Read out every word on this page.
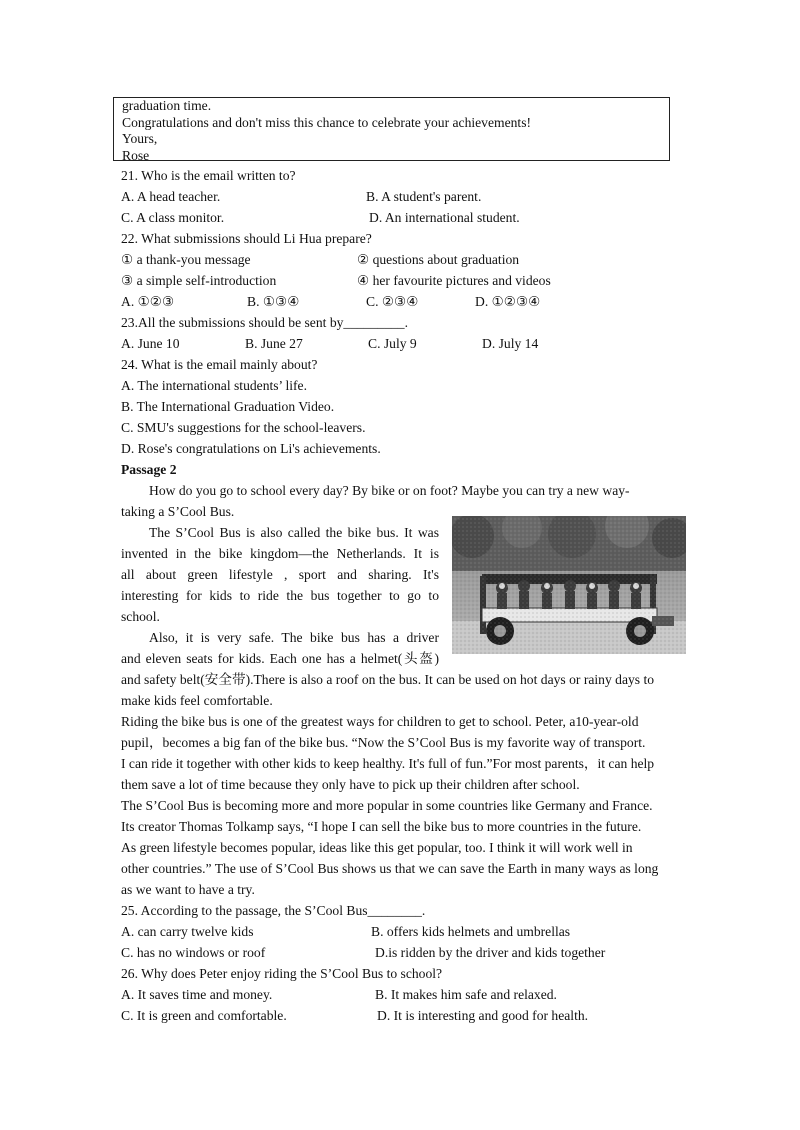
graduation time.
Congratulations and don't miss this chance to celebrate your achievements!
Yours,
Rose
21. Who is the email written to?
A. A head teacher.	B. A student's parent.
C. A class monitor.	D. An international student.
22. What submissions should Li Hua prepare?
① a thank-you message	② questions about graduation
③ a simple self-introduction	④ her favourite pictures and videos
A. ①②③	B. ①③④	C. ②③④	D. ①②③④
23.All the submissions should be sent by_________.
A. June 10	B. June 27	C. July 9	D. July 14
24. What is the email mainly about?
A. The international students’ life.
B. The International Graduation Video.
C. SMU's suggestions for the school-leavers.
D. Rose's congratulations on Li's achievements.
Passage 2
How do you go to school every day? By bike or on foot? Maybe you can try a new way-
taking a S’Cool Bus.
The S’Cool Bus is also called the bike bus. It was
invented in the bike kingdom—the Netherlands. It is
all about green lifestyle , sport and sharing. It's
interesting for kids to ride the bus together to go to
school.
Also, it is very safe. The bike bus has a driver
and eleven seats for kids. Each one has a helmet(头盔)
and safety belt(安全带).There is also a roof on the bus. It can be used on hot days or rainy days to
make kids feel comfortable.
Riding the bike bus is one of the greatest ways for children to get to school. Peter, a10-year-old
pupil，becomes a big fan of the bike bus. “Now the S’Cool Bus is my favorite way of transport.
I can ride it together with other kids to keep healthy. It's full of fun.”For most parents，it can help
them save a lot of time because they only have to pick up their children after school.
The S’Cool Bus is becoming more and more popular in some countries like Germany and France.
Its creator Thomas Tolkamp says, “I hope I can sell the bike bus to more countries in the future.
As green lifestyle becomes popular, ideas like this get popular, too. I think it will work well in
other countries.” The use of S’Cool Bus shows us that we can save the Earth in many ways as long
as we want to have a try.
25. According to the passage, the S’Cool Bus________.
A. can carry twelve kids	B. offers kids helmets and umbrellas
C. has no windows or roof	D.is ridden by the driver and kids together
26. Why does Peter enjoy riding the S’Cool Bus to school?
A. It saves time and money.	B. It makes him safe and relaxed.
C. It is green and comfortable.	D. It is interesting and good for health.
